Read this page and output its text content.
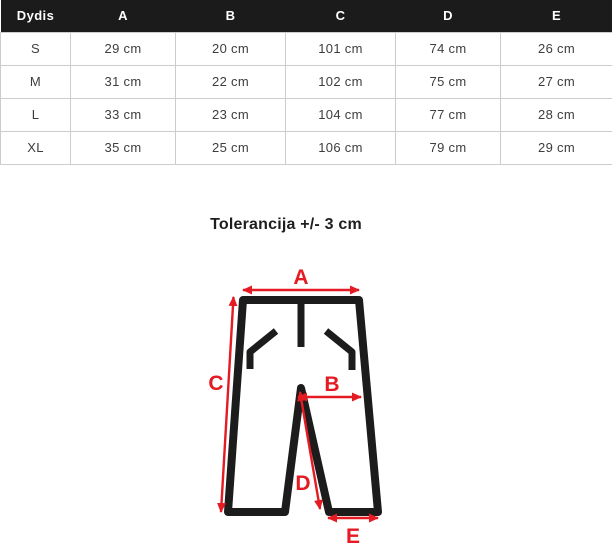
Dydis	A	B	C	D	E
S	29 cm	20 cm	101 cm	74 cm	26 cm
M	31 cm	22 cm	102 cm	75 cm	27 cm
L	33 cm	23 cm	104 cm	77 cm	28 cm
XL	35 cm	25 cm	106 cm	79 cm	29 cm
Tolerancija +/- 3 cm
A
C	B
D
E
